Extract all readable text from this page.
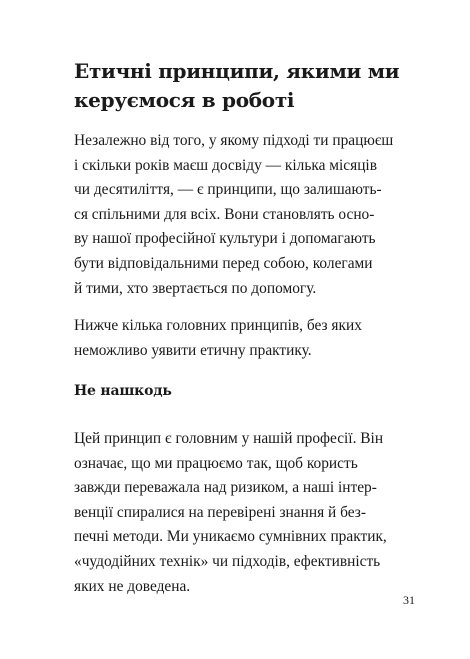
Етичні принципи, якими ми
керуємося в роботі

Незалежно від того, у якому підході ти працюєш
і скільки років маєш досвіду — кілька місяців
чи десятиліття, — є принципи, що залишають-
ся спільними для всіх. Вони становлять осно-
ву нашої професійної культури і допомагають
бути відповідальними перед собою, колегами
й тими, хто звертається по допомогу.

Нижче кілька головних принципів, без яких
неможливо уявити етичну практику.

Не нашкодь

Цей принцип є головним у нашій професії. Він
означає, що ми працюємо так, щоб користь
завжди переважала над ризиком, а наші інтер-
венції спиралися на перевірені знання й без-
печні методи. Ми уникаємо сумнівних практик,
«чудодійних технік» чи підходів, ефективність
яких не доведена.

31
